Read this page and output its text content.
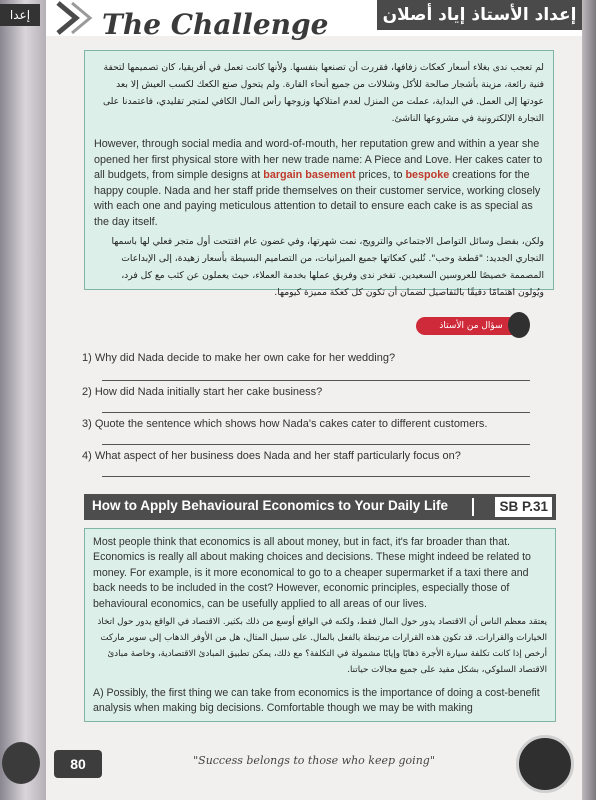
إعدا	The Challenge	إعداد الأستاذ إياد أصلان

لم تعجب ندى بغلاء أسعار كعكات زفافها، فقررت أن تصنعها بنفسها. ولأنها كانت تعمل في أفريقيا، كان تصميمها لتحفة فنية رائعة، مزينة بأشجار صالحة للأكل وشلالات من جميع أنحاء القارة. ولم يتحول صنع الكعك لكسب العيش إلا بعد عودتها إلى العمل. في البداية، عملت من المنزل لعدم امتلاكها وزوجها رأس المال الكافي لمتجر تقليدي، فاعتمدنا على التجارة الإلكترونية في مشروعها الناشئ.

However, through social media and word-of-mouth, her reputation grew and within a year she opened her first physical store with her new trade name: A Piece and Love. Her cakes cater to all budgets, from simple designs at bargain basement prices, to bespoke creations for the happy couple. Nada and her staff pride themselves on their customer service, working closely with each one and paying meticulous attention to detail to ensure each cake is as special as the day itself.

ولكن، بفضل وسائل التواصل الاجتماعي والترويج، نمت شهرتها، وفي غضون عام افتتحت أول متجر فعلي لها باسمها التجاري الجديد: "قطعة وحب". تُلبي كعكاتها جميع الميزانيات، من التصاميم البسيطة بأسعار زهيدة، إلى الإبداعات المصممة خصيصًا للعروسين السعيدين. تفخر ندى وفريق عملها بخدمة العملاء، حيث يعملون عن كثب مع كل فرد، ويُولون اهتمامًا دقيقًا بالتفاصيل لضمان أن تكون كل كعكة مميزة كيومها.

سؤال من الأستاذ
1) Why did Nada decide to make her own cake for her wedding?
2) How did Nada initially start her cake business?
3) Quote the sentence which shows how Nada's cakes cater to different customers.
4) What aspect of her business does Nada and her staff particularly focus on?
How to Apply Behavioural Economics to Your Daily Life	SB P.31

Most people think that economics is all about money, but in fact, it's far broader than that. Economics is really all about making choices and decisions. These might indeed be related to money. For example, is it more economical to go to a cheaper supermarket if a taxi there and back needs to be included in the cost? However, economic principles, especially those of behavioural economics, can be usefully applied to all areas of our lives.

يعتقد معظم الناس أن الاقتصاد يدور حول المال فقط، ولكنه في الواقع أوسع من ذلك بكثير. الاقتصاد في الواقع يدور حول اتخاذ الخيارات والقرارات. قد تكون هذه القرارات مرتبطة بالفعل بالمال. على سبيل المثال، هل من الأوفر الذهاب إلى سوبر ماركت أرخص إذا كانت تكلفة سيارة الأجرة ذهابًا وإيابًا مشمولة في التكلفة؟ مع ذلك، يمكن تطبيق المبادئ الاقتصادية، وخاصة مبادئ الاقتصاد السلوكي، بشكل مفيد على جميع مجالات حياتنا.

A) Possibly, the first thing we can take from economics is the importance of doing a cost-benefit analysis when making big decisions. Comfortable though we may be with making

"Success belongs to those who keep going"
80
